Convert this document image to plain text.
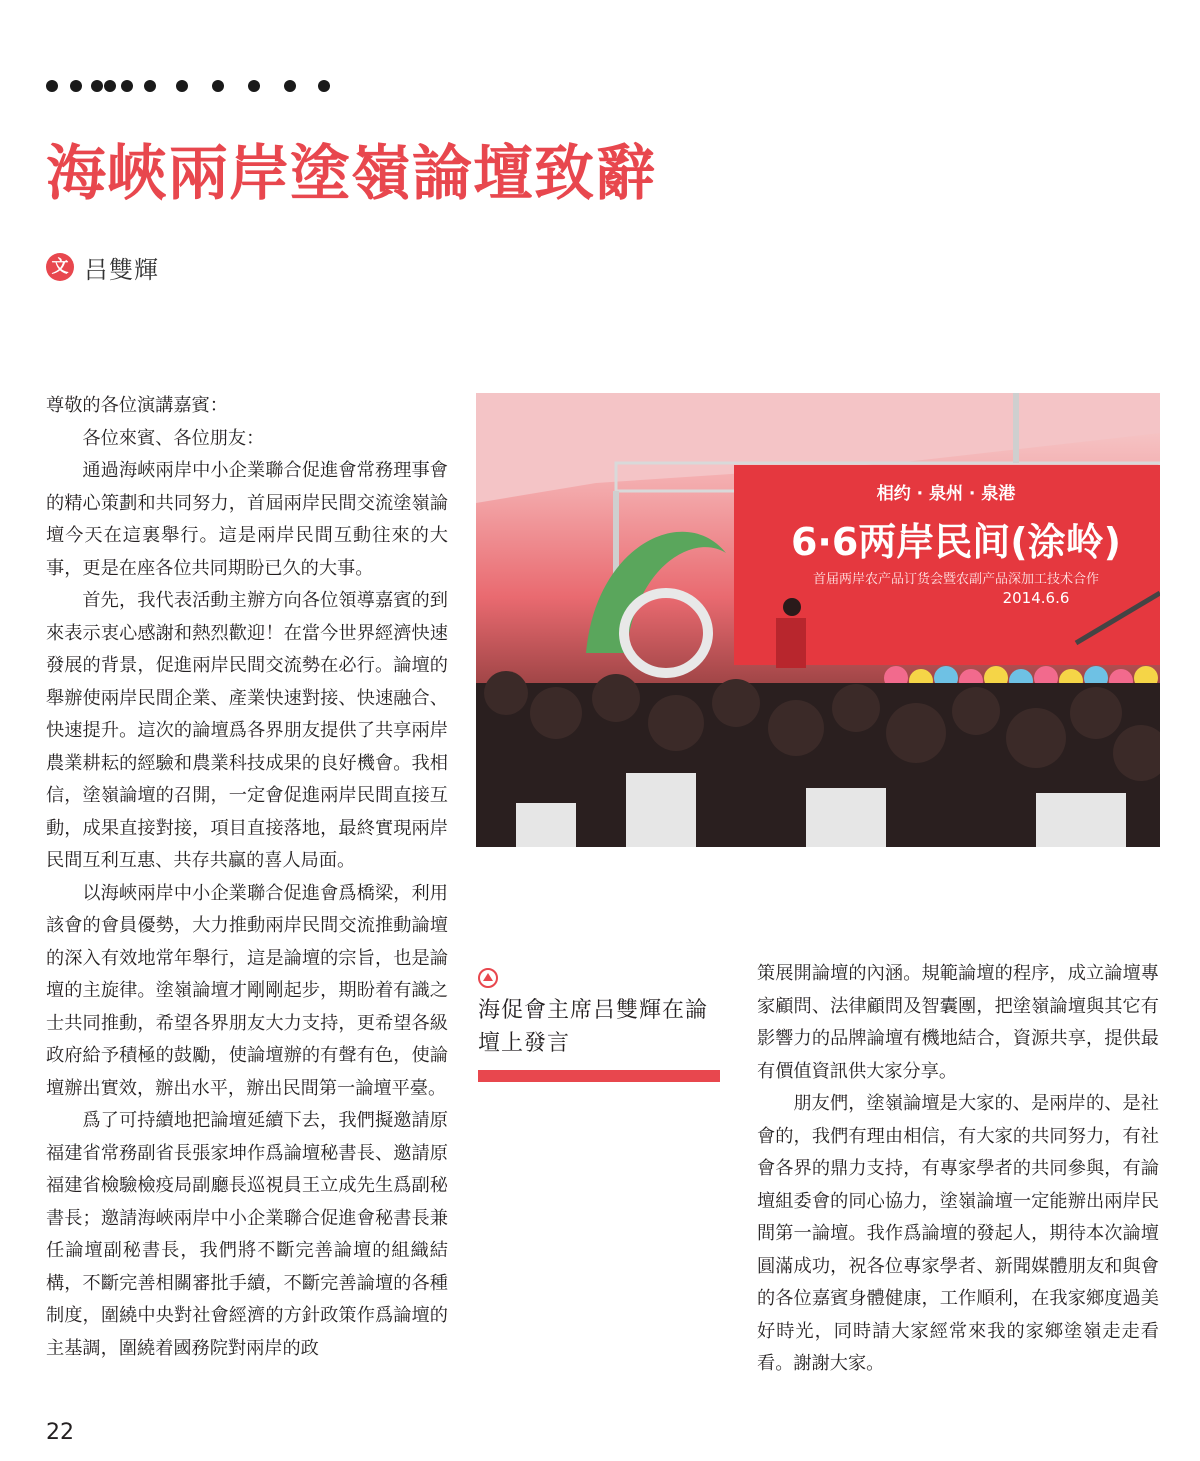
海峽兩岸塗嶺論壇致辭
文 吕雙輝

尊敬的各位演講嘉賓：

各位來賓、各位朋友：

通過海峽兩岸中小企業聯合促進會常務理事會的精心策劃和共同努力，首屆兩岸民間交流塗嶺論壇今天在這裏舉行。這是兩岸民間互動往來的大事，更是在座各位共同期盼已久的大事。

首先，我代表活動主辦方向各位領導嘉賓的到來表示衷心感謝和熱烈歡迎！在當今世界經濟快速發展的背景，促進兩岸民間交流勢在必行。論壇的舉辦使兩岸民間企業、產業快速對接、快速融合、快速提升。這次的論壇爲各界朋友提供了共享兩岸農業耕耘的經驗和農業科技成果的良好機會。我相信，塗嶺論壇的召開，一定會促進兩岸民間直接互動，成果直接對接，項目直接落地，最終實現兩岸民間互利互惠、共存共贏的喜人局面。

以海峽兩岸中小企業聯合促進會爲橋梁，利用該會的會員優勢，大力推動兩岸民間交流推動論壇的深入有效地常年舉行，這是論壇的宗旨，也是論壇的主旋律。塗嶺論壇才剛剛起步，期盼着有識之士共同推動，希望各界朋友大力支持，更希望各級政府給予積極的鼓勵，使論壇辦的有聲有色，使論壇辦出實效，辦出水平，辦出民間第一論壇平臺。

爲了可持續地把論壇延續下去，我們擬邀請原福建省常務副省長張家坤作爲論壇秘書長、邀請原福建省檢驗檢疫局副廳長巡視員王立成先生爲副秘書長；邀請海峽兩岸中小企業聯合促進會秘書長兼任論壇副秘書長，我們將不斷完善論壇的組織結構，不斷完善相關審批手續，不斷完善論壇的各種制度，圍繞中央對社會經濟的方針政策作爲論壇的主基調，圍繞着國務院對兩岸的政

相约 · 泉州 · 泉港
6·6两岸民间(涂岭)
首届两岸农产品订货会暨农副产品深加工技术合作
2014.6.6
海促會主席吕雙輝在論壇上發言

策展開論壇的內涵。規範論壇的程序，成立論壇專家顧問、法律顧問及智囊團，把塗嶺論壇與其它有影響力的品牌論壇有機地結合，資源共享，提供最有價值資訊供大家分享。

朋友們，塗嶺論壇是大家的、是兩岸的、是社會的，我們有理由相信，有大家的共同努力，有社會各界的鼎力支持，有專家學者的共同參與，有論壇組委會的同心協力，塗嶺論壇一定能辦出兩岸民間第一論壇。我作爲論壇的發起人，期待本次論壇圓滿成功，祝各位專家學者、新聞媒體朋友和與會的各位嘉賓身體健康，工作順利，在我家鄉度過美好時光，同時請大家經常來我的家鄉塗嶺走走看看。謝謝大家。

22
